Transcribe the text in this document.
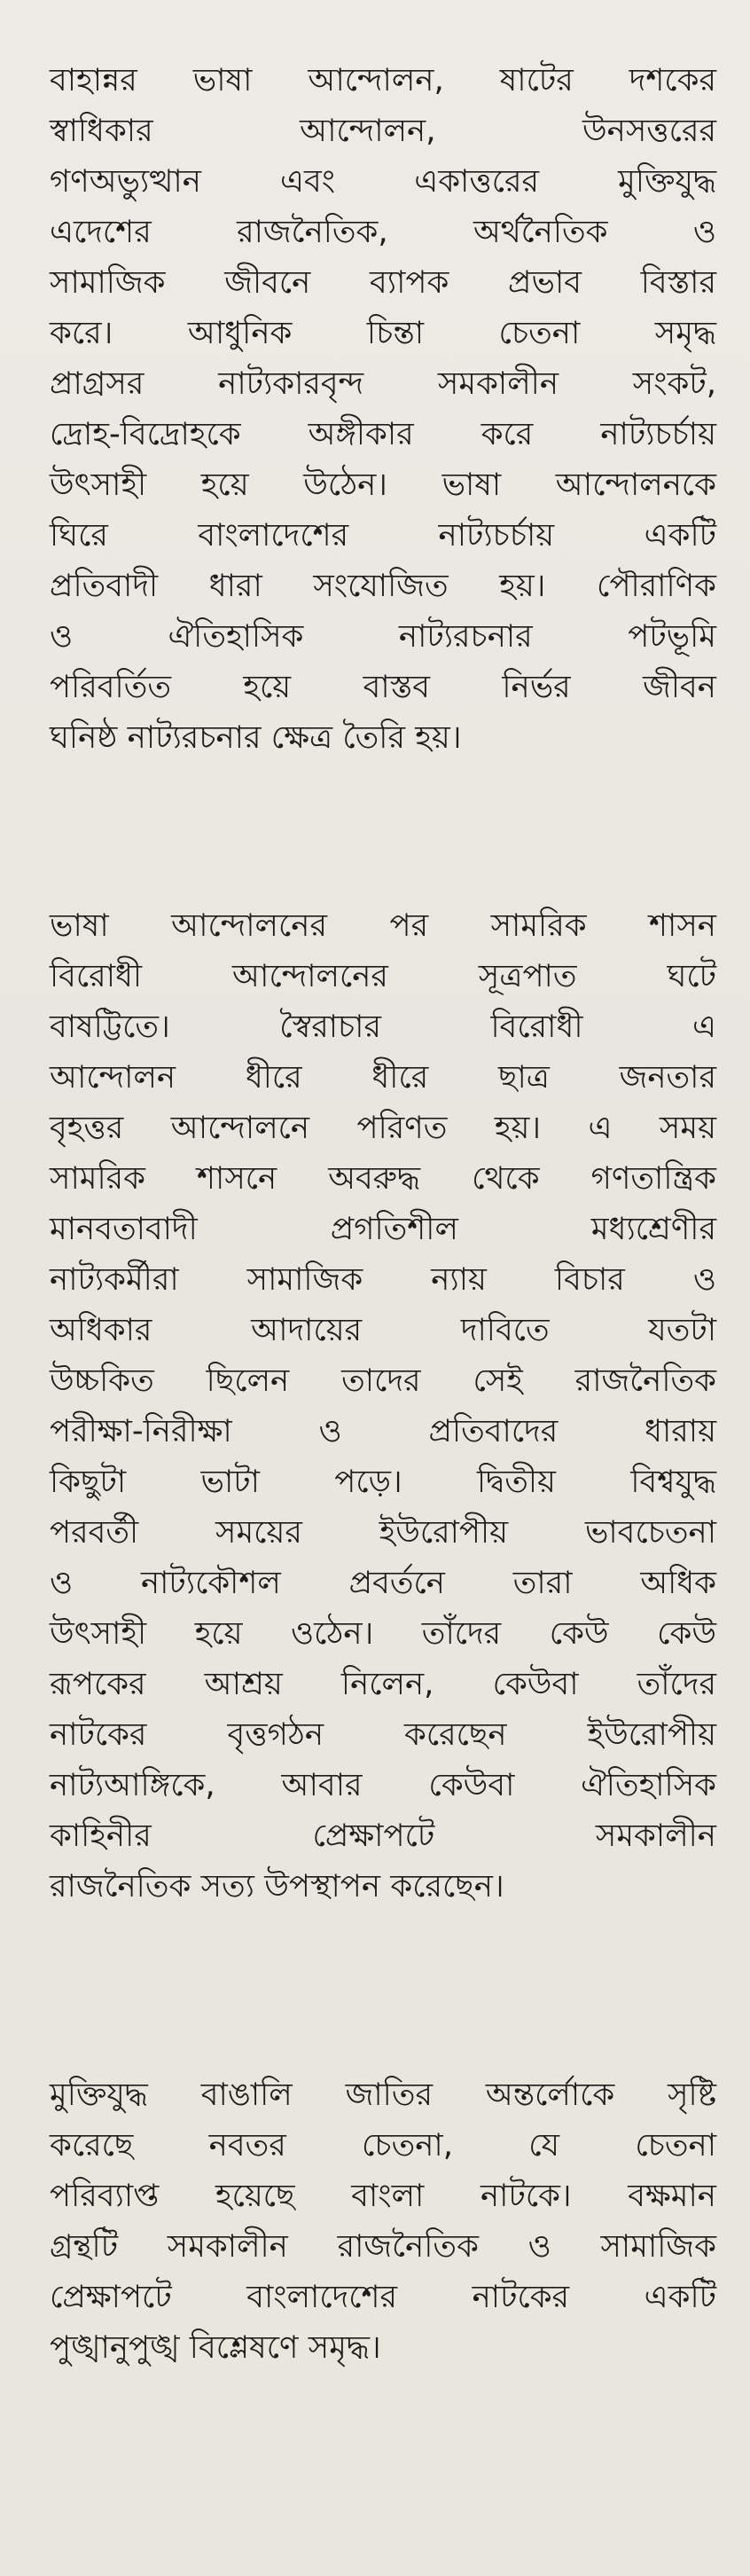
বাহান্নর ভাষা আন্দোলন, ষাটের দশকের
স্বাধিকার আন্দোলন, উনসত্তরের
গণঅভ্যুত্থান এবং একাত্তরের মুক্তিযুদ্ধ
এদেশের রাজনৈতিক, অর্থনৈতিক ও
সামাজিক জীবনে ব্যাপক প্রভাব বিস্তার
করে। আধুনিক চিন্তা চেতনা সমৃদ্ধ
প্রাগ্রসর নাট্যকারবৃন্দ সমকালীন সংকট,
দ্রোহ-বিদ্রোহকে অঙ্গীকার করে নাট্যচর্চায়
উৎসাহী হয়ে উঠেন। ভাষা আন্দোলনকে
ঘিরে বাংলাদেশের নাট্যচর্চায় একটি
প্রতিবাদী ধারা সংযোজিত হয়। পৌরাণিক
ও ঐতিহাসিক নাট্যরচনার পটভূমি
পরিবর্তিত হয়ে বাস্তব নির্ভর জীবন
ঘনিষ্ঠ নাট্যরচনার ক্ষেত্র তৈরি হয়।
ভাষা আন্দোলনের পর সামরিক শাসন
বিরোধী আন্দোলনের সূত্রপাত ঘটে
বাষট্টিতে। স্বৈরাচার বিরোধী এ
আন্দোলন ধীরে ধীরে ছাত্র জনতার
বৃহত্তর আন্দোলনে পরিণত হয়। এ সময়
সামরিক শাসনে অবরুদ্ধ থেকে গণতান্ত্রিক
মানবতাবাদী প্রগতিশীল মধ্যশ্রেণীর
নাট্যকর্মীরা সামাজিক ন্যায় বিচার ও
অধিকার আদায়ের দাবিতে যতটা
উচ্চকিত ছিলেন তাদের সেই রাজনৈতিক
পরীক্ষা-নিরীক্ষা ও প্রতিবাদের ধারায়
কিছুটা ভাটা পড়ে। দ্বিতীয় বিশ্বযুদ্ধ
পরবর্তী সময়ের ইউরোপীয় ভাবচেতনা
ও নাট্যকৌশল প্রবর্তনে তারা অধিক
উৎসাহী হয়ে ওঠেন। তাঁদের কেউ কেউ
রূপকের আশ্রয় নিলেন, কেউবা তাঁদের
নাটকের বৃত্তগঠন করেছেন ইউরোপীয়
নাট্যআঙ্গিকে, আবার কেউবা ঐতিহাসিক
কাহিনীর প্রেক্ষাপটে সমকালীন
রাজনৈতিক সত্য উপস্থাপন করেছেন।
মুক্তিযুদ্ধ বাঙালি জাতির অন্তর্লোকে সৃষ্টি
করেছে নবতর চেতনা, যে চেতনা
পরিব্যাপ্ত হয়েছে বাংলা নাটকে। বক্ষমান
গ্রন্থটি সমকালীন রাজনৈতিক ও সামাজিক
প্রেক্ষাপটে বাংলাদেশের নাটকের একটি
পুঙ্খানুপুঙ্খ বিশ্লেষণে সমৃদ্ধ।
